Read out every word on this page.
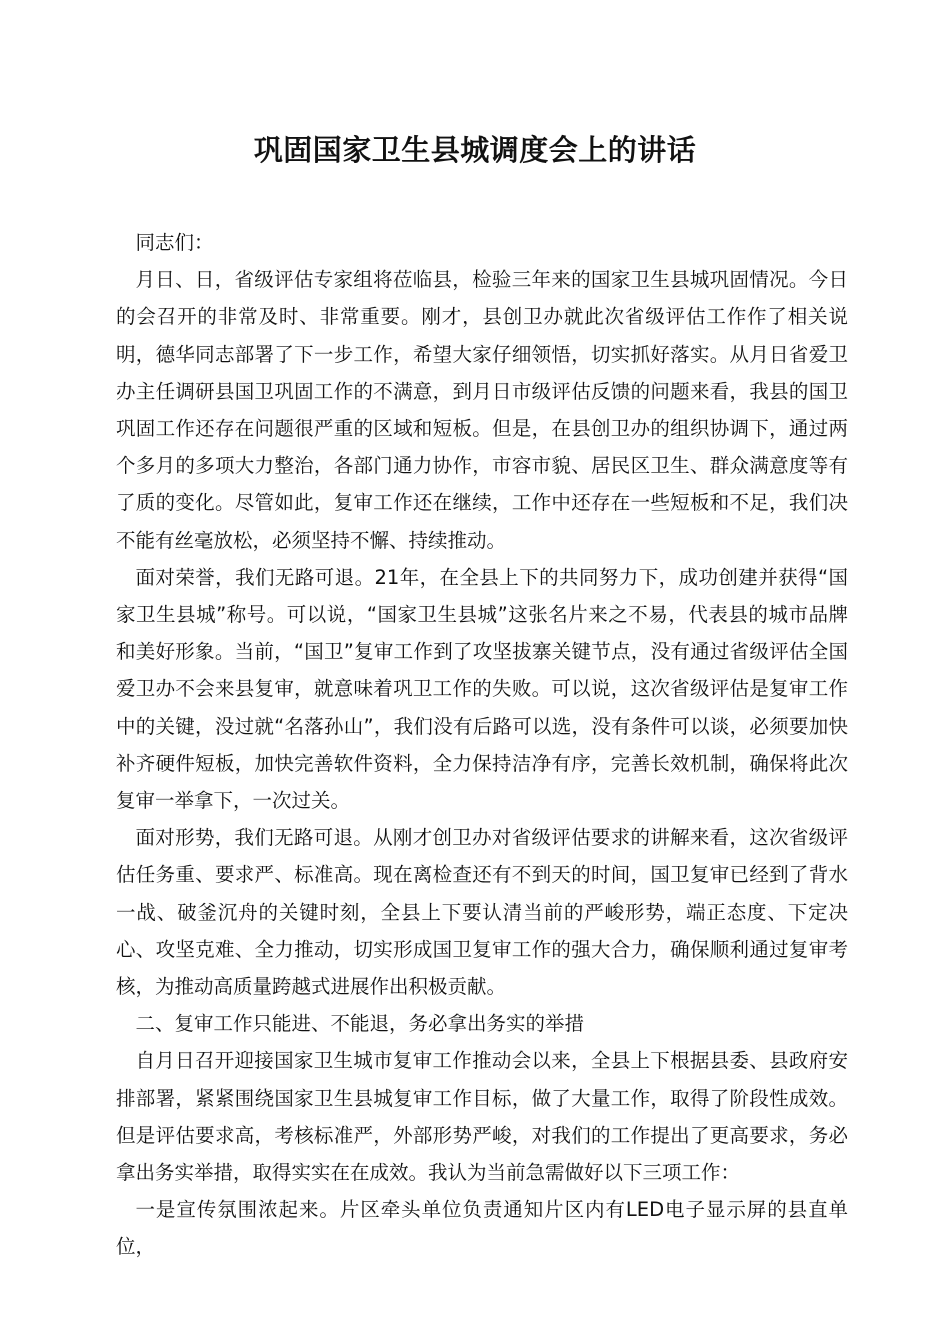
巩固国家卫生县城调度会上的讲话

同志们：

月日、日，省级评估专家组将莅临县，检验三年来的国家卫生县城巩固情况。今日的会召开的非常及时、非常重要。刚才，县创卫办就此次省级评估工作作了相关说明，德华同志部署了下一步工作，希望大家仔细领悟，切实抓好落实。从月日省爱卫办主任调研县国卫巩固工作的不满意，到月日市级评估反馈的问题来看，我县的国卫巩固工作还存在问题很严重的区域和短板。但是，在县创卫办的组织协调下，通过两个多月的多项大力整治，各部门通力协作，市容市貌、居民区卫生、群众满意度等有了质的变化。尽管如此，复审工作还在继续，工作中还存在一些短板和不足，我们决不能有丝毫放松，必须坚持不懈、持续推动。

面对荣誉，我们无路可退。21年，在全县上下的共同努力下，成功创建并获得“国家卫生县城”称号。可以说，“国家卫生县城”这张名片来之不易，代表县的城市品牌和美好形象。当前，“国卫”复审工作到了攻坚拔寨关键节点，没有通过省级评估全国爱卫办不会来县复审，就意味着巩卫工作的失败。可以说，这次省级评估是复审工作中的关键，没过就“名落孙山”，我们没有后路可以选，没有条件可以谈，必须要加快补齐硬件短板，加快完善软件资料，全力保持洁净有序，完善长效机制，确保将此次复审一举拿下，一次过关。

面对形势，我们无路可退。从刚才创卫办对省级评估要求的讲解来看，这次省级评估任务重、要求严、标准高。现在离检查还有不到天的时间，国卫复审已经到了背水一战、破釜沉舟的关键时刻，全县上下要认清当前的严峻形势，端正态度、下定决心、攻坚克难、全力推动，切实形成国卫复审工作的强大合力，确保顺利通过复审考核，为推动高质量跨越式进展作出积极贡献。

二、复审工作只能进、不能退，务必拿出务实的举措

自月日召开迎接国家卫生城市复审工作推动会以来，全县上下根据县委、县政府安排部署，紧紧围绕国家卫生县城复审工作目标，做了大量工作，取得了阶段性成效。但是评估要求高，考核标准严，外部形势严峻，对我们的工作提出了更高要求，务必拿出务实举措，取得实实在在成效。我认为当前急需做好以下三项工作：

一是宣传氛围浓起来。片区牵头单位负责通知片区内有LED电子显示屏的县直单位，
